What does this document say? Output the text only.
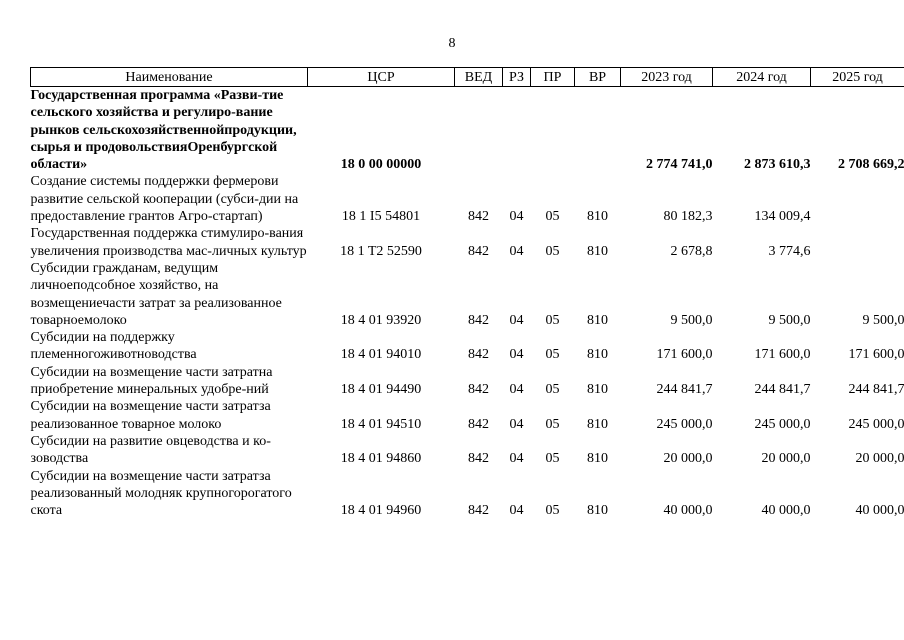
8
Наименование	ЦСР	ВЕД	РЗ	ПР	ВР	2023 год	2024 год	2025 год
Государственная программа «Разви-тие сельского хозяйства и регулиро-вание рынков сельскохозяйственнойпродукции, сырья и продовольствияОренбургской области»	18 0 00 00000					2 774 741,0	2 873 610,3	2 708 669,2
Создание системы поддержки фермерови развитие сельской кооперации (субси-дии на предоставление грантов Агро-стартап)	18 1 I5 54801	842	04	05	810	80 182,3	134 009,4	
Государственная поддержка стимулиро-вания увеличения производства мас-личных культур	18 1 T2 52590	842	04	05	810	2 678,8	3 774,6	
Субсидии гражданам, ведущим личноеподсобное хозяйство, на возмещениечасти затрат за реализованное товарноемолоко	18 4 01 93920	842	04	05	810	9 500,0	9 500,0	9 500,0
Субсидии на поддержку племенногоживотноводства	18 4 01 94010	842	04	05	810	171 600,0	171 600,0	171 600,0
Субсидии на возмещение части затратна приобретение минеральных удобре-ний	18 4 01 94490	842	04	05	810	244 841,7	244 841,7	244 841,7
Субсидии на возмещение части затратза реализованное товарное молоко	18 4 01 94510	842	04	05	810	245 000,0	245 000,0	245 000,0
Субсидии на развитие овцеводства и ко-зоводства	18 4 01 94860	842	04	05	810	20 000,0	20 000,0	20 000,0
Субсидии на возмещение части затратза реализованный молодняк крупногорогатого скота	18 4 01 94960	842	04	05	810	40 000,0	40 000,0	40 000,0
